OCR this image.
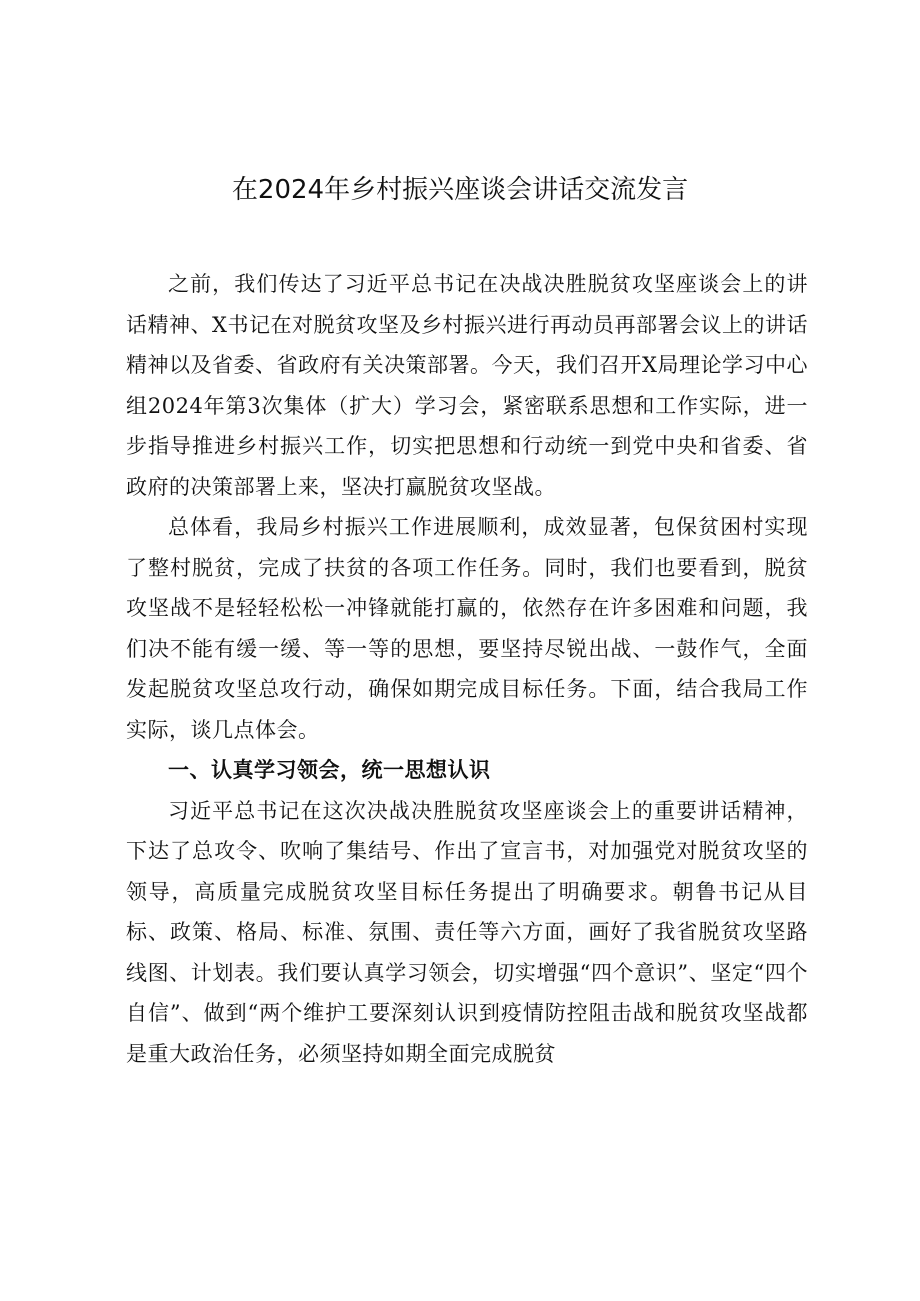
在2024年乡村振兴座谈会讲话交流发言

之前，我们传达了习近平总书记在决战决胜脱贫攻坚座谈会上的讲话精神、X书记在对脱贫攻坚及乡村振兴进行再动员再部署会议上的讲话精神以及省委、省政府有关决策部署。今天，我们召开X局理论学习中心组2024年第3次集体（扩大）学习会，紧密联系思想和工作实际，进一步指导推进乡村振兴工作，切实把思想和行动统一到党中央和省委、省政府的决策部署上来，坚决打赢脱贫攻坚战。

总体看，我局乡村振兴工作进展顺利，成效显著，包保贫困村实现了整村脱贫，完成了扶贫的各项工作任务。同时，我们也要看到，脱贫攻坚战不是轻轻松松一冲锋就能打赢的，依然存在许多困难和问题，我们决不能有缓一缓、等一等的思想，要坚持尽锐出战、一鼓作气，全面发起脱贫攻坚总攻行动，确保如期完成目标任务。下面，结合我局工作实际，谈几点体会。

一、认真学习领会，统一思想认识

习近平总书记在这次决战决胜脱贫攻坚座谈会上的重要讲话精神，下达了总攻令、吹响了集结号、作出了宣言书，对加强党对脱贫攻坚的领导，高质量完成脱贫攻坚目标任务提出了明确要求。朝鲁书记从目标、政策、格局、标准、氛围、责任等六方面，画好了我省脱贫攻坚路线图、计划表。我们要认真学习领会，切实增强“四个意识”、坚定“四个自信”、做到“两个维护工要深刻认识到疫情防控阻击战和脱贫攻坚战都是重大政治任务，必须坚持如期全面完成脱贫
